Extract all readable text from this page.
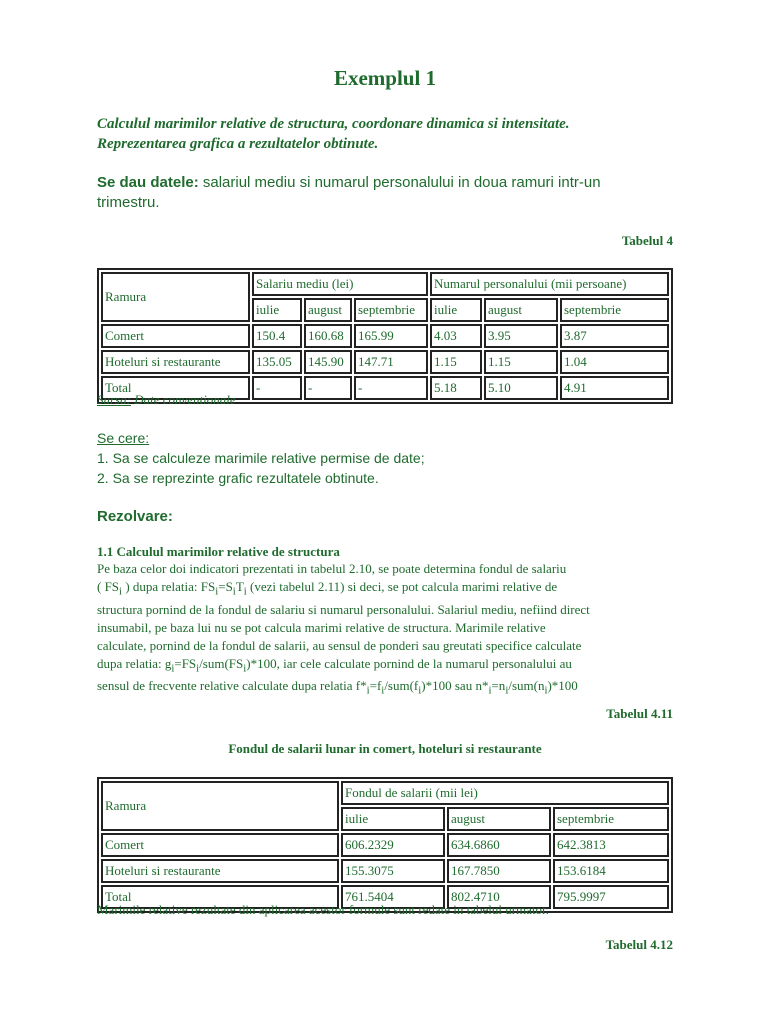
Exemplul 1
Calculul marimilor relative de structura, coordonare dinamica si intensitate.
Reprezentarea grafica a rezultatelor obtinute.
Se dau datele: salariul mediu si numarul personalului in doua ramuri intr-un trimestru.
Tabelul 4
Ramura	Salariu mediu (lei)			Numarul personalului (mii persoane)		
	iulie	august	septembrie	iulie	august	septembrie
Comert	150.4	160.68	165.99	4.03	3.95	3.87
Hoteluri si restaurante	135.05	145.90	147.71	1.15	1.15	1.04
Total	-	-	-	5.18	5.10	4.91
Sursa: Date conventionale
Se cere:
1. Sa se calculeze marimile relative permise de date;
2. Sa se reprezinte grafic rezultatele obtinute.
Rezolvare:
1.1 Calculul marimilor relative de structura
Pe baza celor doi indicatori prezentati in tabelul 2.10, se poate determina fondul de salariu
( $FS_i$ ) dupa relatia: $FS_i=S_iT_i$ (vezi tabelul 2.11) si deci, se pot calcula marimi relative de
structura pornind de la fondul de salariu si numarul personalului. Salariul mediu, nefiind direct
insumabil, pe baza lui nu se pot calcula marimi relative de structura. Marimile relative
calculate, pornind de la fondul de salarii, au sensul de ponderi sau greutati specifice calculate
dupa relatia: $g_i=FS_i/sum(FS_i)*100$, iar cele calculate pornind de la numarul personalului au
sensul de frecvente relative calculate dupa relatia $f*_i=f_i/sum(f_i)*100$ sau $n*_i=n_i/sum(n_i)*100$
Tabelul 4.11
Fondul de salarii lunar in comert, hoteluri si restaurante
Ramura	Fondul de salarii (mii lei)		
	iulie	august	septembrie
Comert	606.2329	634.6860	642.3813
Hoteluri si restaurante	155.3075	167.7850	153.6184
Total	761.5404	802.4710	795.9997
Marimile relative rezultate din aplicarea acestor formule sunt redate in tabelul urmator.
Tabelul 4.12
